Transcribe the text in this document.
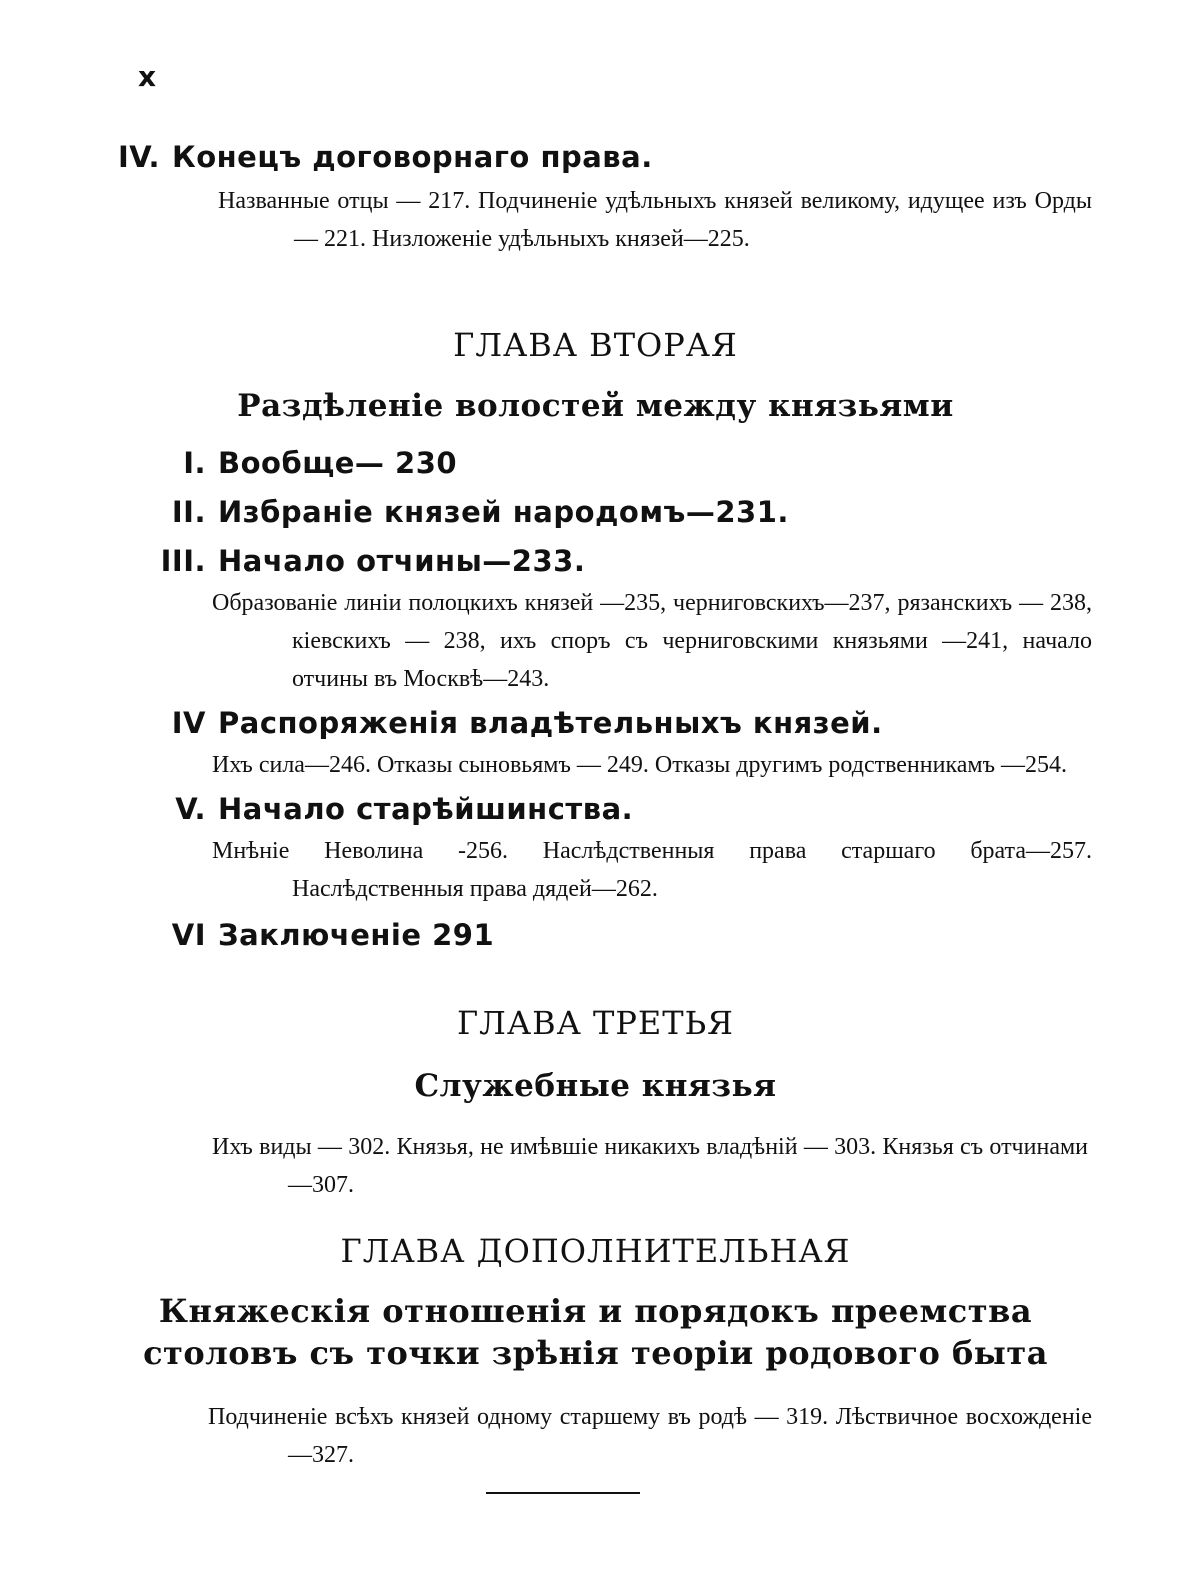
x
IV. Конецъ договорнаго права.
Названные отцы — 217. Подчиненіе удѣльныхъ князей великому, идущее изъ Орды — 221. Низложеніе удѣльныхъ князей—225.
ГЛАВА ВТОРАЯ
Раздѣленіе волостей между князьями
I. Вообще— 230
II. Избраніе князей народомъ—231.
III. Начало отчины—233.
Образованіе линіи полоцкихъ князей —235, черниговскихъ—237, рязанскихъ — 238, кіевскихъ — 238, ихъ споръ съ черниговскими князьями —241, начало отчины въ Москвѣ—243.
IV Распоряженія владѣтельныхъ князей.
Ихъ сила—246. Отказы сыновьямъ — 249. Отказы другимъ родственникамъ —254.
V. Начало старѣйшинства.
Мнѣніе Неволина -256. Наслѣдственныя права старшаго брата—257. Наслѣдственныя права дядей—262.
VI Заключеніе 291
ГЛАВА ТРЕТЬЯ
Служебные князья
Ихъ виды — 302. Князья, не имѣвшіе никакихъ владѣній — 303. Князья съ отчинами—307.
ГЛАВА ДОПОЛНИТЕЛЬНАЯ
Княжескія отношенія и порядокъ преемства
столовъ съ точки зрѣнія теоріи родового быта
Подчиненіе всѣхъ князей одному старшему въ родѣ — 319. Лѣствичное восхожденіе—327.
